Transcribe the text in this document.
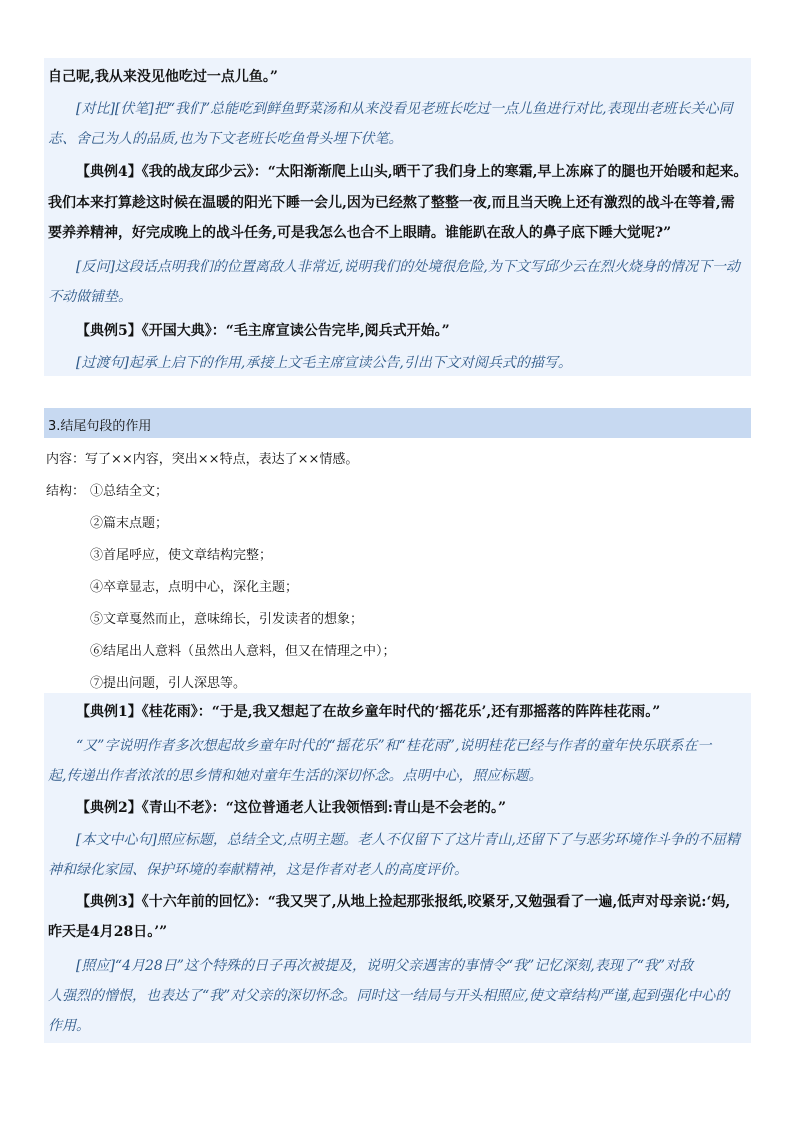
自己呢,我从来没见他吃过一点儿鱼。”
[对比][伏笔]把“我们”总能吃到鲜鱼野菜汤和从来没看见老班长吃过一点儿鱼进行对比,表现出老班长关心同
志、舍己为人的品质,也为下文老班长吃鱼骨头埋下伏笔。
【典例4】《我的战友邱少云》：“太阳渐渐爬上山头,晒干了我们身上的寒霜,早上冻麻了的腿也开始暖和起来。
我们本来打算趁这时候在温暖的阳光下睡一会儿,因为已经熬了整整一夜,而且当天晚上还有激烈的战斗在等着,需
要养养精神，好完成晚上的战斗任务,可是我怎么也合不上眼睛。谁能趴在敌人的鼻子底下睡大觉呢?”
[反问]这段话点明我们的位置离敌人非常近,说明我们的处境很危险,为下文写邱少云在烈火烧身的情况下一动
不动做铺垫。
【典例5】《开国大典》：“毛主席宣读公告完毕,阅兵式开始。”
[过渡句]起承上启下的作用,承接上文毛主席宣读公告,引出下文对阅兵式的描写。
3.结尾句段的作用
内容：写了××内容，突出××特点，表达了××情感。
结构： ①总结全文；
②篇末点题；
③首尾呼应，使文章结构完整；
④卒章显志，点明中心，深化主题；
⑤文章戛然而止，意味绵长，引发读者的想象；
⑥结尾出人意料（虽然出人意料，但又在情理之中）；
⑦提出问题，引人深思等。
【典例1】《桂花雨》：“于是,我又想起了在故乡童年时代的‘摇花乐’,还有那摇落的阵阵桂花雨。”
“又”字说明作者多次想起故乡童年时代的“摇花乐”和“桂花雨”,说明桂花已经与作者的童年快乐联系在一
起,传递出作者浓浓的思乡情和她对童年生活的深切怀念。点明中心，照应标题。
【典例2】《青山不老》：“这位普通老人让我领悟到:青山是不会老的。”
[本文中心句]照应标题，总结全文,点明主题。老人不仅留下了这片青山,还留下了与恶劣环境作斗争的不屈精
神和绿化家园、保护环境的奉献精神，这是作者对老人的高度评价。
【典例3】《十六年前的回忆》：“我又哭了,从地上捡起那张报纸,咬紧牙,又勉强看了一遍,低声对母亲说:‘妈,
昨天是4月28日。’”
[照应]“4月28日”这个特殊的日子再次被提及，说明父亲遇害的事情令“我”记忆深刻,表现了“我”对敌
人强烈的憎恨，也表达了“我”对父亲的深切怀念。同时这一结局与开头相照应,使文章结构严谨,起到强化中心的
作用。
